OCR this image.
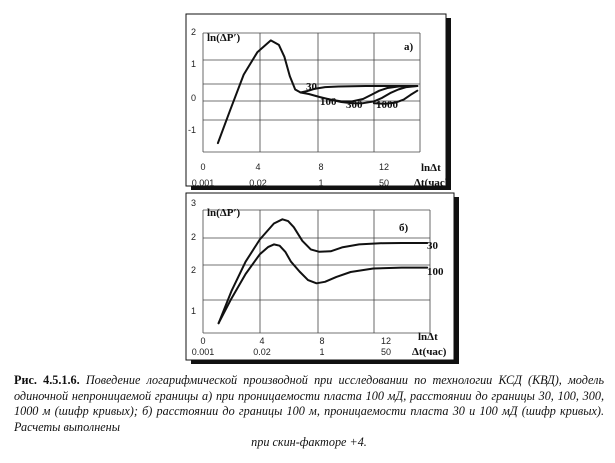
30
100 300 1000
ln(ΔP′)
а)
lnΔt
Δt(час)
2
1
0
-1
0	4	8	12
0.001	0.02	1	50
30
100
ln(ΔP′)
б)
lnΔt
Δt(час)
3
2
2
1
0	4	8	12
0.001	0.02	1	50
Рис. 4.5.1.6. Поведение логарифмической производной при исследовании по технологии КСД (КВД), модель одиночной непроницаемой границы а) при проницаемости пласта 100 мД, расстоянии до границы 30, 100, 300, 1000 м (шифр кривых); б) расстоянии до границы 100 м, проницаемости пласта 30 и 100 мД (шифр кривых). Расчеты выполнены
при скин-факторе +4.
